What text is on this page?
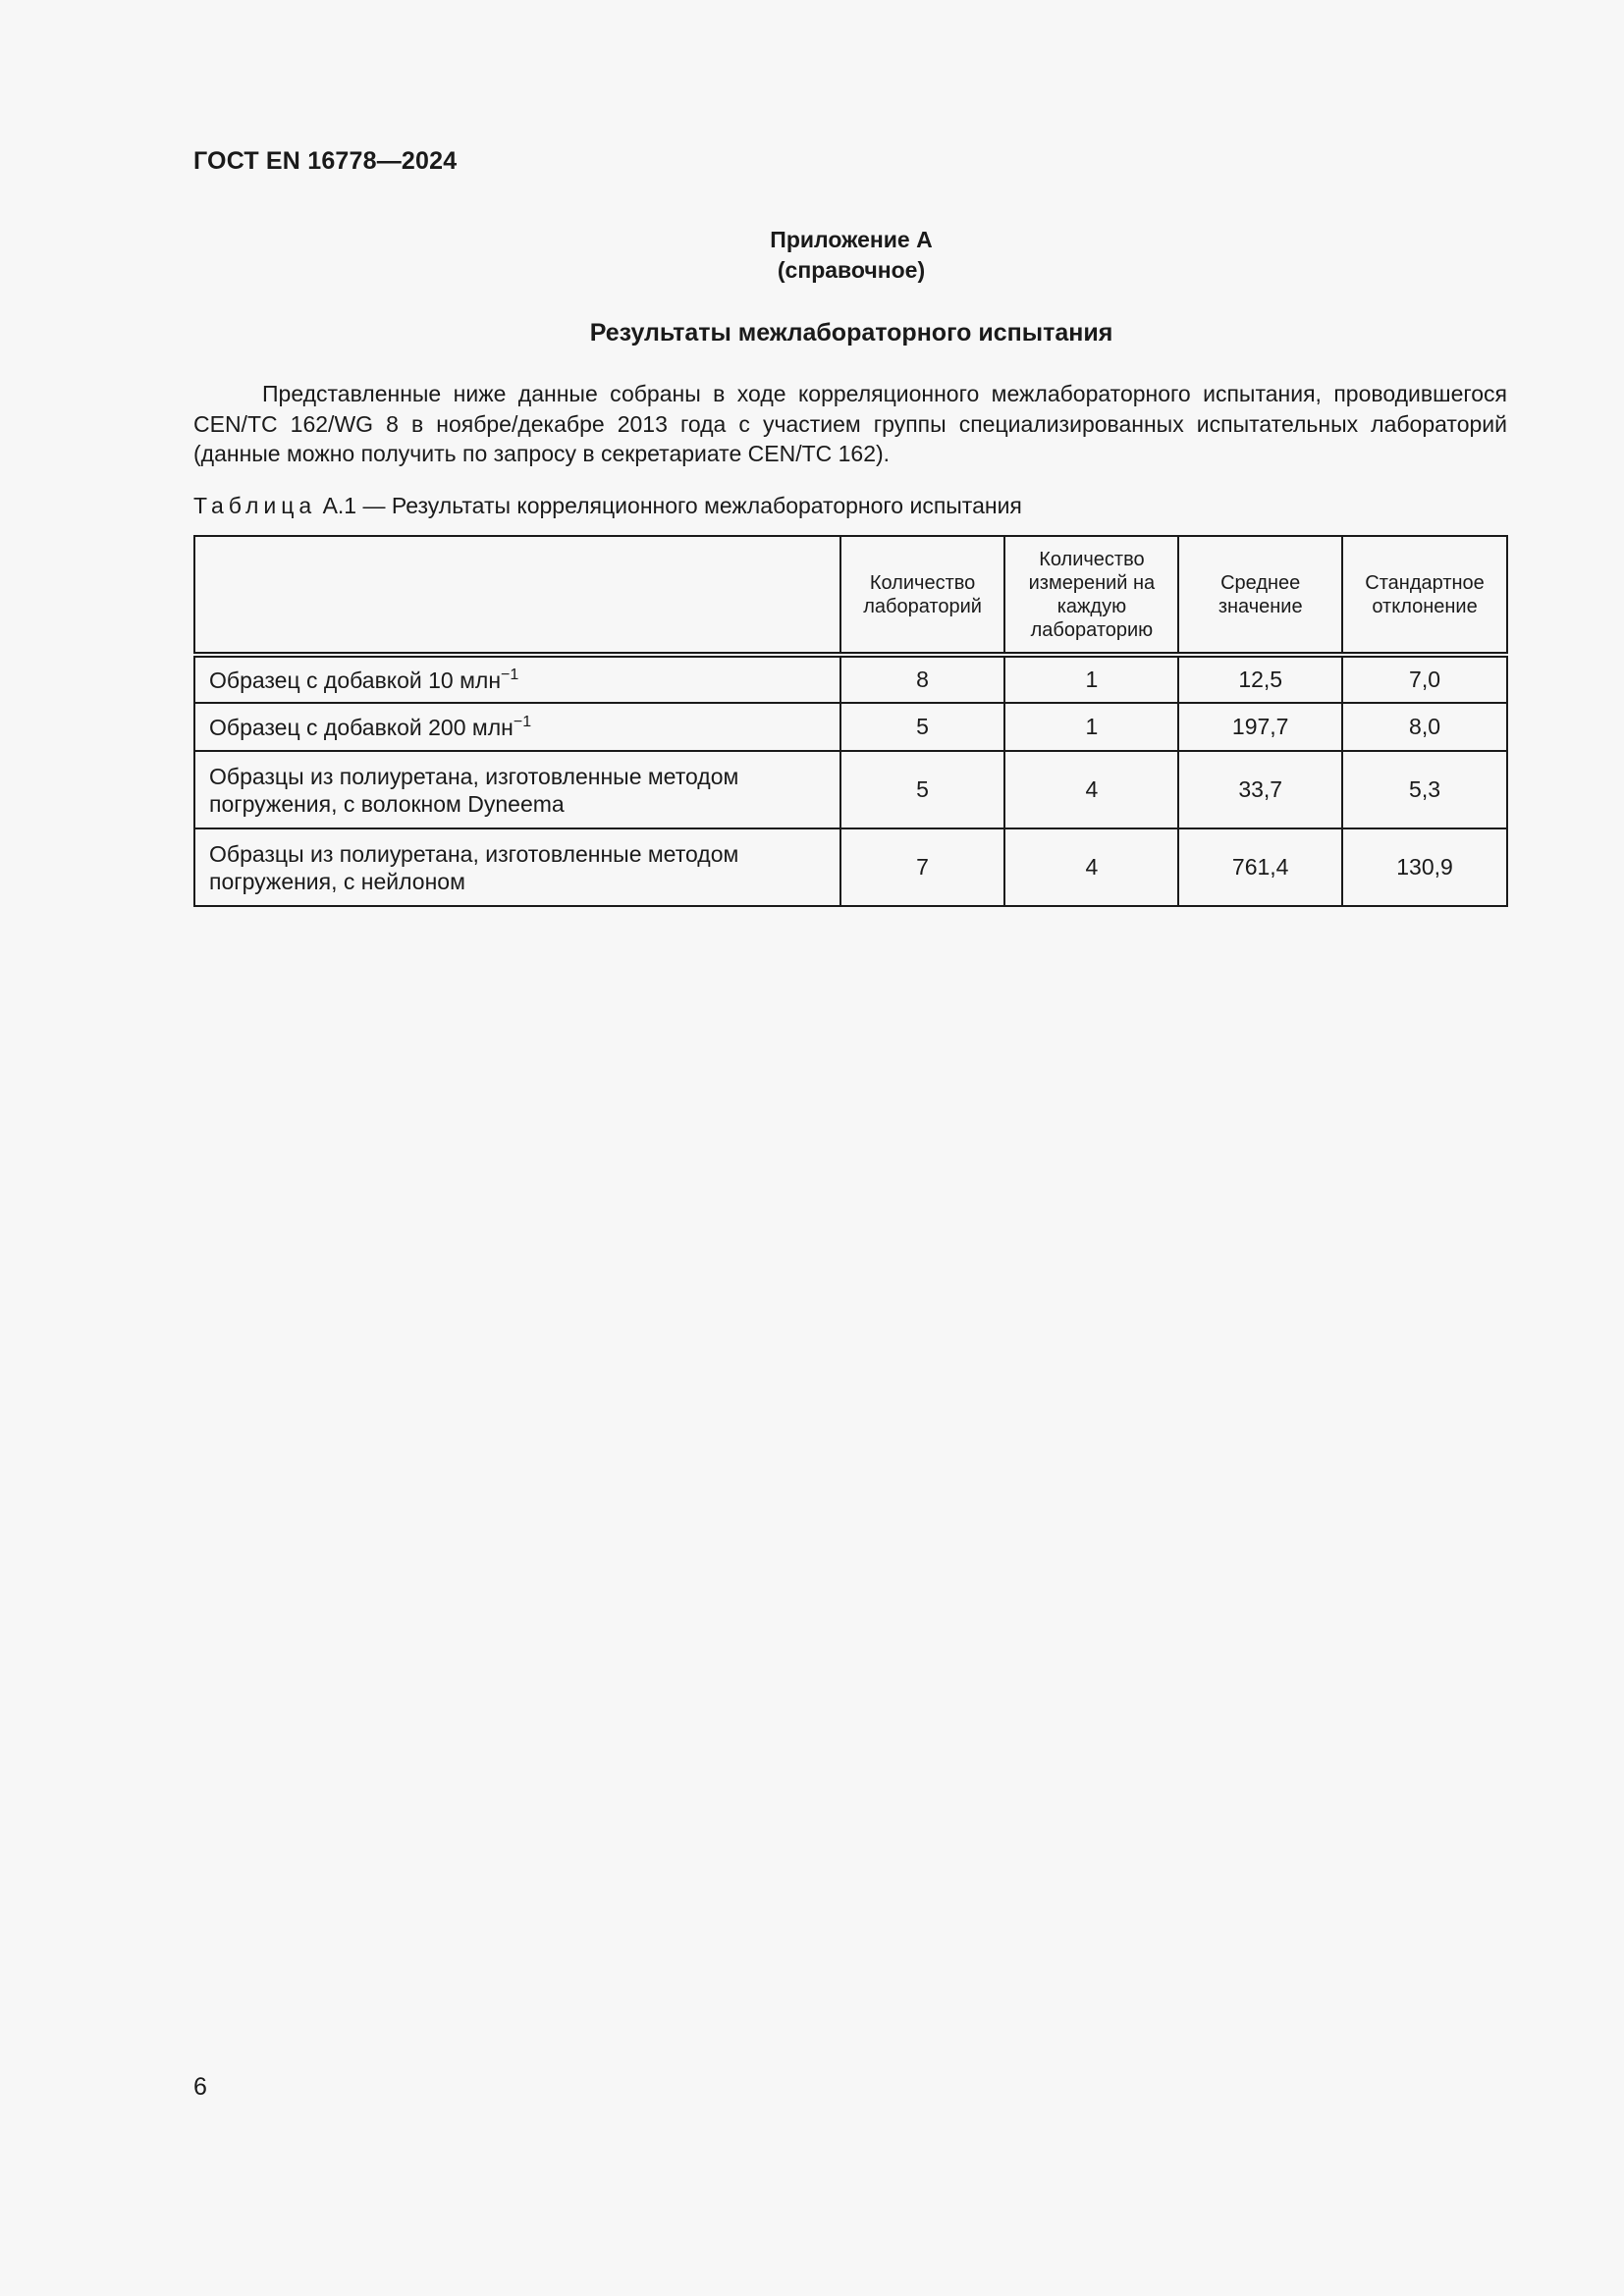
ГОСТ EN 16778—2024
Приложение А
(справочное)
Результаты межлабораторного испытания

Представленные ниже данные собраны в ходе корреляционного межлабораторного испытания, проводившегося CEN/TC 162/WG 8 в ноябре/декабре 2013 года с участием группы специализированных испытательных лабораторий (данные можно получить по запросу в секретариате CEN/TC 162).

Таблица А.1 — Результаты корреляционного межлабораторного испытания
	Количество лабораторий	Количество измерений на каждую лабораторию	Среднее значение	Стандартное отклонение
Образец с добавкой 10 млн$^{-1}$	8	1	12,5	7,0
Образец с добавкой 200 млн$^{-1}$	5	1	197,7	8,0
Образцы из полиуретана, изготовленные методом погружения, с волокном Dyneema	5	4	33,7	5,3
Образцы из полиуретана, изготовленные методом погружения, с нейлоном	7	4	761,4	130,9
6
